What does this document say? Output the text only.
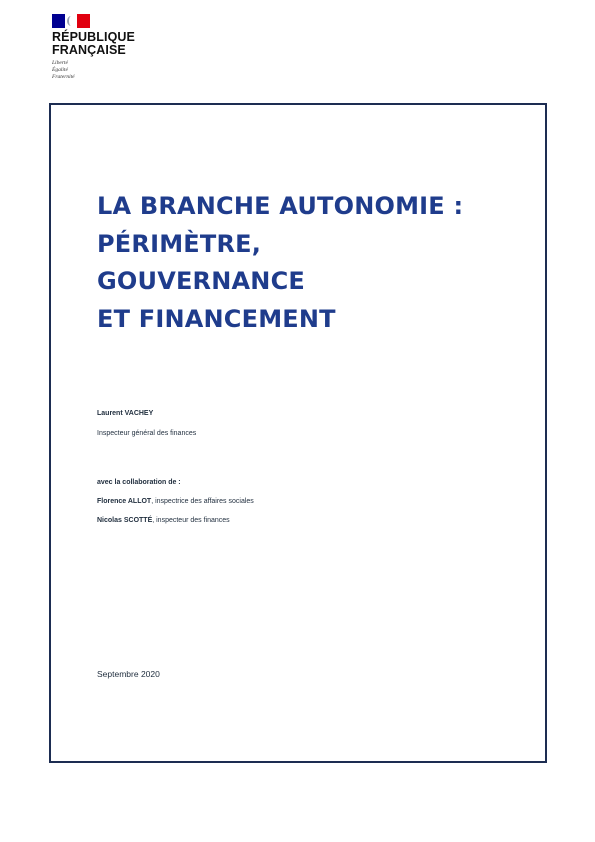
RÉPUBLIQUE
FRANÇAISE
Liberté
Égalité
Fraternité
LA BRANCHE AUTONOMIE :
PÉRIMÈTRE,
GOUVERNANCE
ET FINANCEMENT
Laurent VACHEY
Inspecteur général des finances
avec la collaboration de :
Florence ALLOT, inspectrice des affaires sociales
Nicolas SCOTTÉ, inspecteur des finances
Septembre 2020
